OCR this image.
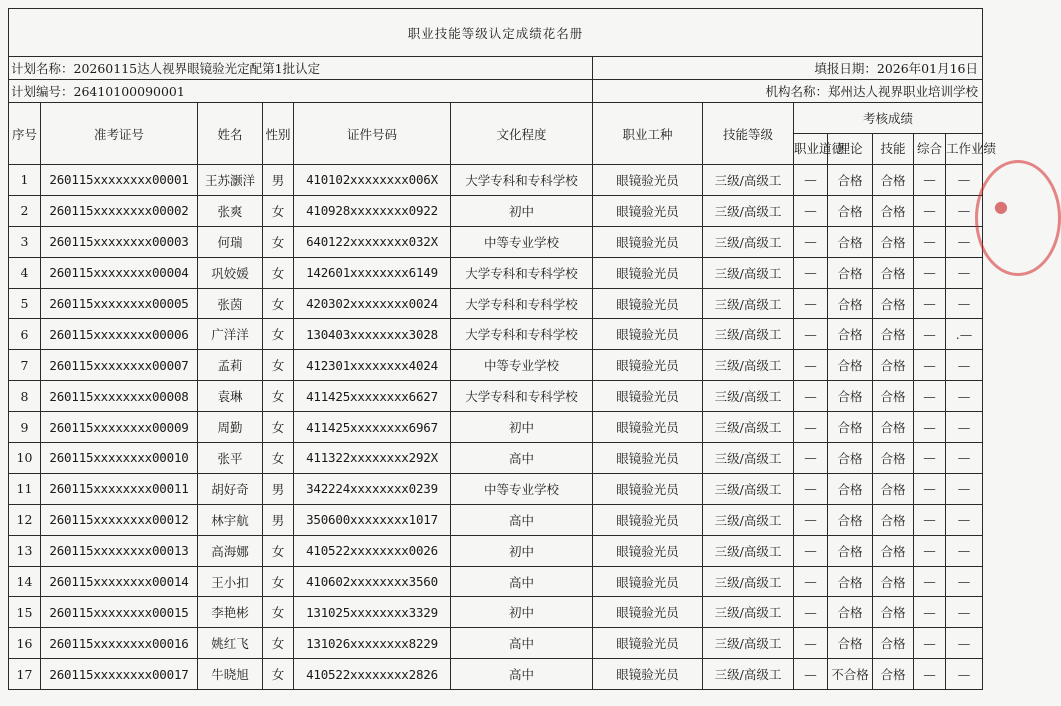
职业技能等级认定成绩花名册												
计划名称：20260115达人视界眼镜验光定配第1批认定						填报日期：2026年01月16日						
计划编号：26410100090001						机构名称：郑州达人视界职业培训学校						
序号	准考证号	姓名	性别	证件号码	文化程度	职业工种	技能等级	考核成绩				
								职业道德	理论	技能	综合	工作业绩
1	260115xxxxxxxx00001	王苏灏洋	男	410102xxxxxxxx006X	大学专科和专科学校	眼镜验光员	三级/高级工	—	合格	合格	—	—
2	260115xxxxxxxx00002	张爽	女	410928xxxxxxxx0922	初中	眼镜验光员	三级/高级工	—	合格	合格	—	—
3	260115xxxxxxxx00003	何瑞	女	640122xxxxxxxx032X	中等专业学校	眼镜验光员	三级/高级工	—	合格	合格	—	—
4	260115xxxxxxxx00004	巩姣媛	女	142601xxxxxxxx6149	大学专科和专科学校	眼镜验光员	三级/高级工	—	合格	合格	—	—
5	260115xxxxxxxx00005	张茵	女	420302xxxxxxxx0024	大学专科和专科学校	眼镜验光员	三级/高级工	—	合格	合格	—	—
6	260115xxxxxxxx00006	广洋洋	女	130403xxxxxxxx3028	大学专科和专科学校	眼镜验光员	三级/高级工	—	合格	合格	—	.—
7	260115xxxxxxxx00007	孟莉	女	412301xxxxxxxx4024	中等专业学校	眼镜验光员	三级/高级工	—	合格	合格	—	—
8	260115xxxxxxxx00008	袁琳	女	411425xxxxxxxx6627	大学专科和专科学校	眼镜验光员	三级/高级工	—	合格	合格	—	—
9	260115xxxxxxxx00009	周勤	女	411425xxxxxxxx6967	初中	眼镜验光员	三级/高级工	—	合格	合格	—	—
10	260115xxxxxxxx00010	张平	女	411322xxxxxxxx292X	高中	眼镜验光员	三级/高级工	—	合格	合格	—	—
11	260115xxxxxxxx00011	胡好奇	男	342224xxxxxxxx0239	中等专业学校	眼镜验光员	三级/高级工	—	合格	合格	—	—
12	260115xxxxxxxx00012	林宇航	男	350600xxxxxxxx1017	高中	眼镜验光员	三级/高级工	—	合格	合格	—	—
13	260115xxxxxxxx00013	高海娜	女	410522xxxxxxxx0026	初中	眼镜验光员	三级/高级工	—	合格	合格	—	—
14	260115xxxxxxxx00014	王小扣	女	410602xxxxxxxx3560	高中	眼镜验光员	三级/高级工	—	合格	合格	—	—
15	260115xxxxxxxx00015	李艳彬	女	131025xxxxxxxx3329	初中	眼镜验光员	三级/高级工	—	合格	合格	—	—
16	260115xxxxxxxx00016	姚红飞	女	131026xxxxxxxx8229	高中	眼镜验光员	三级/高级工	—	合格	合格	—	—
17	260115xxxxxxxx00017	牛晓旭	女	410522xxxxxxxx2826	高中	眼镜验光员	三级/高级工	—	不合格	合格	—	—
●
